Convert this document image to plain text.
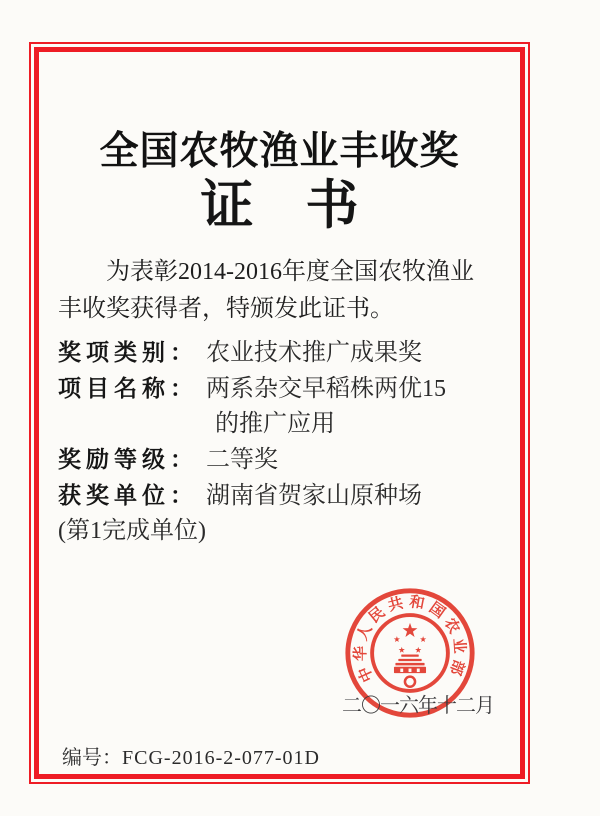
全国农牧渔业丰收奖
证 书
为表彰2014-2016年度全国农牧渔业
丰收奖获得者，特颁发此证书。
奖项类别 ： 农业技术推广成果奖
项目名称 ： 两系杂交早稻株两优15
的推广应用
奖励等级 ： 二等奖
获奖单位 ： 湖南省贺家山原种场
(第1完成单位)
中华人民共和国农业部
二〇一六年十二月
编号：FCG-2016-2-077-01D
